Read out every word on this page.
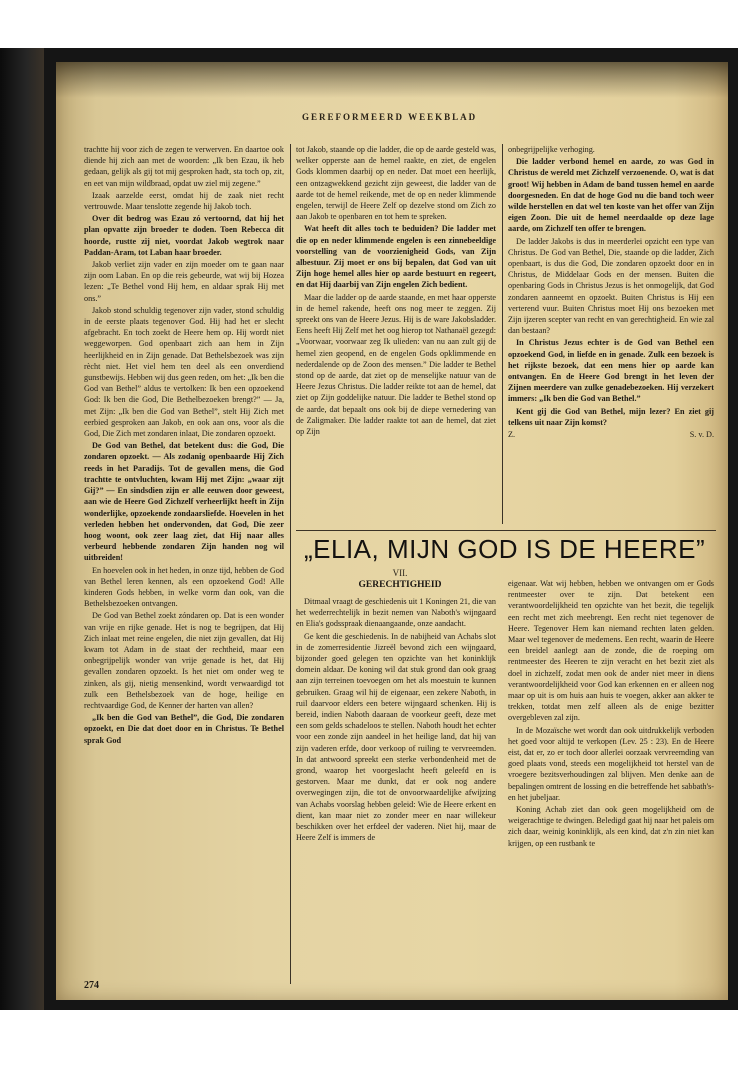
GEREFORMEERD WEEKBLAD

trachtte hij voor zich de zegen te verwerven. En daartoe ook diende hij zich aan met de woorden: „Ik ben Ezau, ik heb gedaan, gelijk als gij tot mij gesproken hadt, sta toch op, zit, en eet van mijn wildbraad, opdat uw ziel mij zegene.”

Izaak aarzelde eerst, omdat hij de zaak niet recht vertrouwde. Maar tenslotte zegende hij Jakob toch.

Over dit bedrog was Ezau zó vertoornd, dat hij het plan opvatte zijn broeder te doden. Toen Rebecca dit hoorde, rustte zij niet, voordat Jakob wegtrok naar Paddan-Aram, tot Laban haar broeder.

Jakob verliet zijn vader en zijn moeder om te gaan naar zijn oom Laban. En op die reis gebeurde, wat wij bij Hozea lezen: „Te Bethel vond Hij hem, en aldaar sprak Hij met ons.”

Jakob stond schuldig tegenover zijn vader, stond schuldig in de eerste plaats tegenover God. Hij had het er slecht afgebracht. En toch zoekt de Heere hem op. Hij wordt niet weggeworpen. God openbaart zich aan hem in Zijn heerlijkheid en in Zijn genade. Dat Bethelsbezoek was zijn rècht niet. Het viel hem ten deel als een onverdiend gunstbewijs. Hebben wij dus geen reden, om het: „Ik ben die God van Bethel” aldus te vertolken: Ik ben een opzoekend God: Ik ben die God, Die Bethelbezoeken brengt?” — Ja, met Zijn: „Ik ben die God van Bethel”, stelt Hij Zich met eerbied gesproken aan Jakob, en ook aan ons, voor als die God, Die Zich met zondaren inlaat, Die zondaren opzoekt.

De God van Bethel, dat betekent dus: die God, Die zondaren opzoekt. — Als zodanig openbaarde Hij Zich reeds in het Paradijs. Tot de gevallen mens, die God trachtte te ontvluchten, kwam Hij met Zijn: „waar zijt Gij?” — En sindsdien zijn er alle eeuwen door geweest, aan wie de Heere God Zichzelf verheerlijkt heeft in Zijn wonderlijke, opzoekende zondaarsliefde. Hoevelen in het verleden hebben het ondervonden, dat God, Die zeer hoog woont, ook zeer laag ziet, dat Hij naar alles verbeurd hebbende zondaren Zijn handen nog wil uitbreiden!

En hoevelen ook in het heden, in onze tijd, hebben de God van Bethel leren kennen, als een opzoekend God! Alle kinderen Gods hebben, in welke vorm dan ook, van die Bethelsbezoeken ontvangen.

De God van Bethel zoekt zóndaren op. Dat is een wonder van vrije en rijke genade. Het is nog te begrijpen, dat Hij Zich inlaat met reine engelen, die niet zijn gevallen, dat Hij kwam tot Adam in de staat der rechtheid, maar een onbegrijpelijk wonder van vrije genade is het, dat Hij gevallen zondaren opzoekt. Is het niet om onder weg te zinken, als gij, nietig mensenkind, wordt verwaardigd tot zulk een Bethelsbezoek van de hoge, heilige en rechtvaardige God, de Kenner der harten van allen?

„Ik ben die God van Bethel”, die God, Die zondaren opzoekt, en Die dat doet door en in Christus. Te Bethel sprak God

tot Jakob, staande op die ladder, die op de aarde gesteld was, welker opperste aan de hemel raakte, en ziet, de engelen Gods klommen daarbij op en neder. Dat moet een heerlijk, een ontzagwekkend gezicht zijn geweest, die ladder van de aarde tot de hemel reikende, met de op en neder klimmende engelen, terwijl de Heere Zelf op dezelve stond om Zich zo aan Jakob te openbaren en tot hem te spreken.

Wat heeft dit alles toch te beduiden? Die ladder met die op en neder klimmende engelen is een zinnebeeldige voorstelling van de voorzienigheid Gods, van Zijn albestuur. Zij moet er ons bij bepalen, dat God van uit Zijn hoge hemel alles hier op aarde bestuurt en regeert, en dat Hij daarbij van Zijn engelen Zich bedient.

Maar die ladder op de aarde staande, en met haar opperste in de hemel rakende, heeft ons nog meer te zeggen. Zij spreekt ons van de Heere Jezus. Hij is de ware Jakobsladder. Eens heeft Hij Zelf met het oog hierop tot Nathanaël gezegd: „Voorwaar, voorwaar zeg Ik ulieden: van nu aan zult gij de hemel zien geopend, en de engelen Gods opklimmende en nederdalende op de Zoon des mensen.” Die ladder te Bethel stond op de aarde, dat ziet op de menselijke natuur van de Heere Jezus Christus. Die ladder reikte tot aan de hemel, dat ziet op Zijn goddelijke natuur. Die ladder te Bethel stond op de aarde, dat bepaalt ons ook bij de diepe vernedering van de Zaligmaker. Die ladder raakte tot aan de hemel, dat ziet op Zijn

onbegrijpelijke verhoging.

Die ladder verbond hemel en aarde, zo was God in Christus de wereld met Zichzelf verzoenende. O, wat is dat groot! Wij hebben in Adam de band tussen hemel en aarde doorgesneden. En dat de hoge God nu die band toch weer wilde herstellen en dat wel ten koste van het offer van Zijn eigen Zoon. Die uit de hemel neerdaalde op deze lage aarde, om Zichzelf ten offer te brengen.

De ladder Jakobs is dus in meerderlei opzicht een type van Christus. De God van Bethel, Die, staande op die ladder, Zich openbaart, is dus die God, Die zondaren opzoekt door en in Christus, de Middelaar Gods en der mensen. Buiten die openbaring Gods in Christus Jezus is het onmogelijk, dat God zondaren aanneemt en opzoekt. Buiten Christus is Hij een verterend vuur. Buiten Christus moet Hij ons bezoeken met Zijn ijzeren scepter van recht en van gerechtigheid. En wie zal dan bestaan?

In Christus Jezus echter is de God van Bethel een opzoekend God, in liefde en in genade. Zulk een bezoek is het rijkste bezoek, dat een mens hier op aarde kan ontvangen. En de Heere God brengt in het leven der Zijnen meerdere van zulke genadebezoeken. Hij verzekert immers: „Ik ben die God van Bethel.”

Kent gij die God van Bethel, mijn lezer? En ziet gij telkens uit naar Zijn komst?

Z.	S. v. D.
„ELIA, MIJN GOD IS DE HEERE”
VII.
GERECHTIGHEID

Ditmaal vraagt de geschiedenis uit 1 Koningen 21, die van het wederrechtelijk in bezit nemen van Naboth's wijngaard en Elia's godsspraak dienaangaande, onze aandacht.

Ge kent die geschiedenis. In de nabijheid van Achabs slot in de zomerresidentie Jizreël bevond zich een wijngaard, bijzonder goed gelegen ten opzichte van het koninklijk domein aldaar. De koning wil dat stuk grond dan ook graag aan zijn terreinen toevoegen om het als moestuin te kunnen gebruiken. Graag wil hij de eigenaar, een zekere Naboth, in ruil daarvoor elders een betere wijngaard schenken. Hij is bereid, indien Naboth daaraan de voorkeur geeft, deze met een som gelds schadeloos te stellen. Naboth houdt het echter voor een zonde zijn aandeel in het heilige land, dat hij van zijn vaderen erfde, door verkoop of ruiling te vervreemden. In dat antwoord spreekt een sterke verbondenheid met de grond, waarop het voorgeslacht heeft geleefd en is gestorven. Maar me dunkt, dat er ook nog andere overwegingen zijn, die tot de onvoorwaardelijke afwijzing van Achabs voorslag hebben geleid: Wie de Heere erkent en dient, kan maar niet zo zonder meer en naar willekeur beschikken over het erfdeel der vaderen. Niet hij, maar de Heere Zelf is immers de

eigenaar. Wat wij hebben, hebben we ontvangen om er Gods rentmeester over te zijn. Dat betekent een verantwoordelijkheid ten opzichte van het bezit, die tegelijk een recht met zich meebrengt. Een recht niet tegenover de Heere. Tegenover Hem kan niemand rechten laten gelden. Maar wel tegenover de medemens. Een recht, waarin de Heere een breidel aanlegt aan de zonde, die de roeping om rentmeester des Heeren te zijn veracht en het bezit ziet als doel in zichzelf, zodat men ook de ander niet meer in diens verantwoordelijkheid voor God kan erkennen en er alleen nog maar op uit is om huis aan huis te voegen, akker aan akker te trekken, totdat men zelf alleen als de enige bezitter overgebleven zal zijn.

In de Mozaïsche wet wordt dan ook uitdrukkelijk verboden het goed voor altijd te verkopen (Lev. 25 : 23). En de Heere eist, dat er, zo er toch door allerlei oorzaak vervreemding van goed plaats vond, steeds een mogelijkheid tot herstel van de vroegere bezitsverhoudingen zal blijven. Men denke aan de bepalingen omtrent de lossing en die betreffende het sabbath's- en het jubeljaar.

Koning Achab ziet dan ook geen mogelijkheid om de weigerachtige te dwingen. Beledigd gaat hij naar het paleis om zich daar, weinig koninklijk, als een kind, dat z'n zin niet kan krijgen, op een rustbank te

274
